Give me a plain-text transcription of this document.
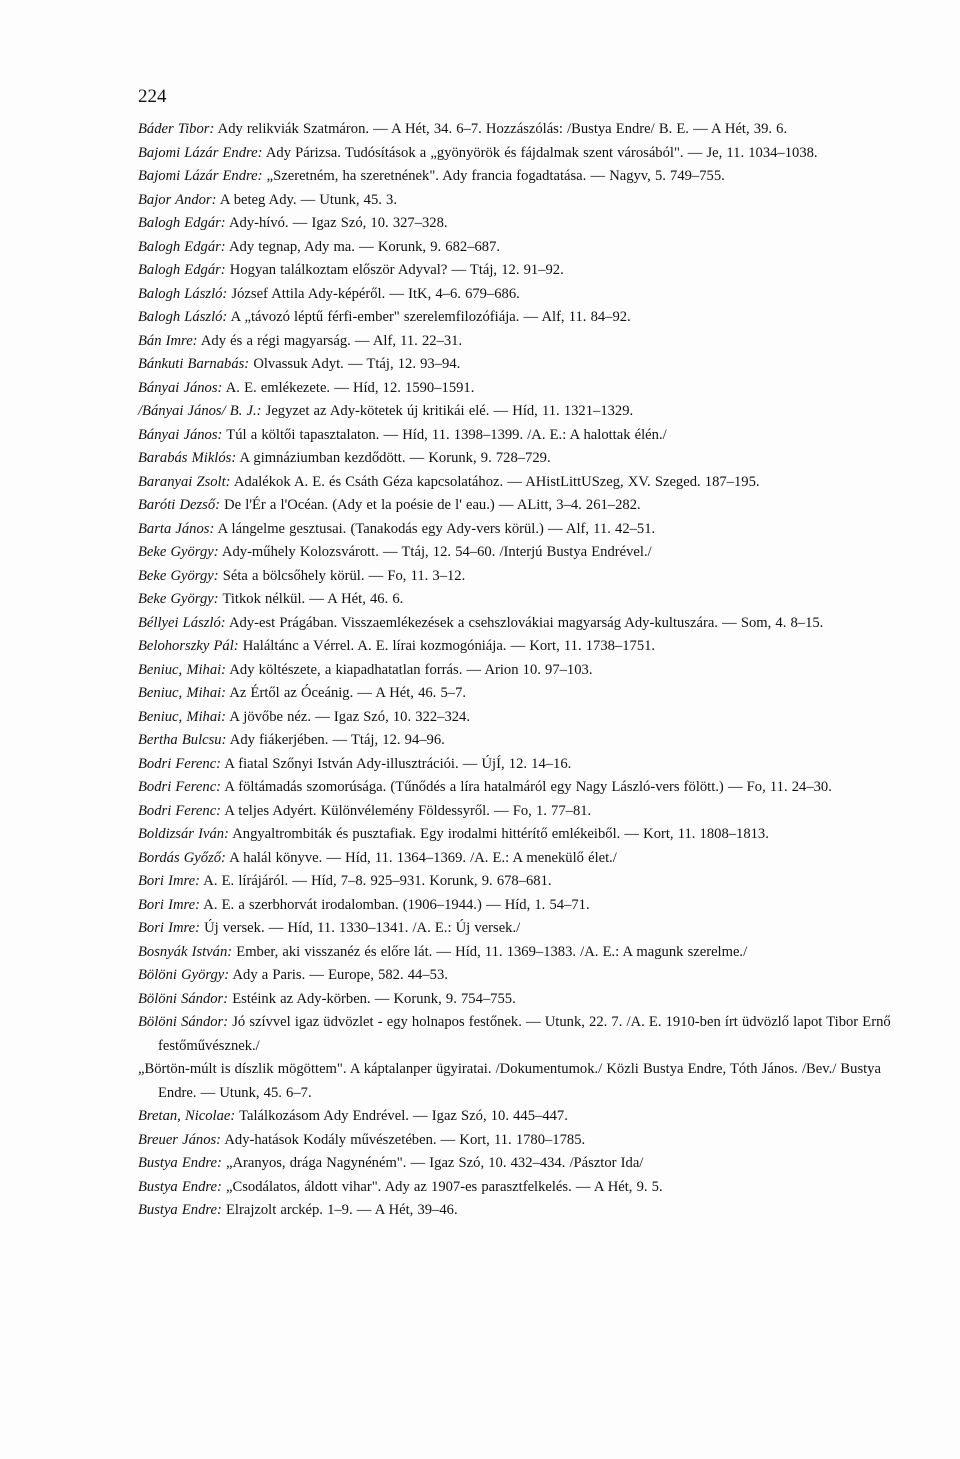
224

Báder Tibor: Ady relikviák Szatmáron. — A Hét, 34. 6–7. Hozzászólás: /Bustya Endre/ B. E. — A Hét, 39. 6.

Bajomi Lázár Endre: Ady Párizsa. Tudósítások a „gyönyörök és fájdalmak szent városából". — Je, 11. 1034–1038.

Bajomi Lázár Endre: „Szeretném, ha szeretnének". Ady francia fogadtatása. — Nagyv, 5. 749–755.

Bajor Andor: A beteg Ady. — Utunk, 45. 3.

Balogh Edgár: Ady-hívó. — Igaz Szó, 10. 327–328.

Balogh Edgár: Ady tegnap, Ady ma. — Korunk, 9. 682–687.

Balogh Edgár: Hogyan találkoztam először Adyval? — Ttáj, 12. 91–92.

Balogh László: József Attila Ady-képéről. — ItK, 4–6. 679–686.

Balogh László: A „távozó léptű férfi-ember" szerelemfilozófiája. — Alf, 11. 84–92.

Bán Imre: Ady és a régi magyarság. — Alf, 11. 22–31.

Bánkuti Barnabás: Olvassuk Adyt. — Ttáj, 12. 93–94.

Bányai János: A. E. emlékezete. — Híd, 12. 1590–1591.

/Bányai János/ B. J.: Jegyzet az Ady-kötetek új kritikái elé. — Híd, 11. 1321–1329.

Bányai János: Túl a költői tapasztalaton. — Híd, 11. 1398–1399. /A. E.: A halottak élén./

Barabás Miklós: A gimnáziumban kezdődött. — Korunk, 9. 728–729.

Baranyai Zsolt: Adalékok A. E. és Csáth Géza kapcsolatához. — AHistLittUSzeg, XV. Szeged. 187–195.

Baróti Dezső: De l'Ér a l'Océan. (Ady et la poésie de l' eau.) — ALitt, 3–4. 261–282.

Barta János: A lángelme gesztusai. (Tanakodás egy Ady-vers körül.) — Alf, 11. 42–51.

Beke György: Ady-műhely Kolozsvárott. — Ttáj, 12. 54–60. /Interjú Bustya Endrével./

Beke György: Séta a bölcsőhely körül. — Fo, 11. 3–12.

Beke György: Titkok nélkül. — A Hét, 46. 6.

Béllyei László: Ady-est Prágában. Visszaemlékezések a csehszlovákiai magyarság Ady-kultuszára. — Som, 4. 8–15.

Belohorszky Pál: Haláltánc a Vérrel. A. E. lírai kozmogóniája. — Kort, 11. 1738–1751.

Beniuc, Mihai: Ady költészete, a kiapadhatatlan forrás. — Arion 10. 97–103.

Beniuc, Mihai: Az Értől az Óceánig. — A Hét, 46. 5–7.

Beniuc, Mihai: A jövőbe néz. — Igaz Szó, 10. 322–324.

Bertha Bulcsu: Ady fiákerjében. — Ttáj, 12. 94–96.

Bodri Ferenc: A fiatal Szőnyi István Ady-illusztrációi. — ÚjÍ, 12. 14–16.

Bodri Ferenc: A föltámadás szomorúsága. (Tűnődés a líra hatalmáról egy Nagy László-vers fölött.) — Fo, 11. 24–30.

Bodri Ferenc: A teljes Adyért. Különvélemény Földessyről. — Fo, 1. 77–81.

Boldizsár Iván: Angyaltrombiták és pusztafiak. Egy irodalmi hittérítő emlékeiből. — Kort, 11. 1808–1813.

Bordás Győző: A halál könyve. — Híd, 11. 1364–1369. /A. E.: A menekülő élet./

Bori Imre: A. E. lírájáról. — Híd, 7–8. 925–931. Korunk, 9. 678–681.

Bori Imre: A. E. a szerbhorvát irodalomban. (1906–1944.) — Híd, 1. 54–71.

Bori Imre: Új versek. — Híd, 11. 1330–1341. /A. E.: Új versek./

Bosnyák István: Ember, aki visszanéz és előre lát. — Híd, 11. 1369–1383. /A. E.: A magunk szerelme./

Bölöni György: Ady a Paris. — Europe, 582. 44–53.

Bölöni Sándor: Estéink az Ady-körben. — Korunk, 9. 754–755.

Bölöni Sándor: Jó szívvel igaz üdvözlet - egy holnapos festőnek. — Utunk, 22. 7. /A. E. 1910-ben írt üdvözlő lapot Tibor Ernő festőművésznek./

„Börtön-múlt is díszlik mögöttem". A káptalanper ügyiratai. /Dokumentumok./ Közli Bustya Endre, Tóth János. /Bev./ Bustya Endre. — Utunk, 45. 6–7.

Bretan, Nicolae: Találkozásom Ady Endrével. — Igaz Szó, 10. 445–447.

Breuer János: Ady-hatások Kodály művészetében. — Kort, 11. 1780–1785.

Bustya Endre: „Aranyos, drága Nagynéném". — Igaz Szó, 10. 432–434. /Pásztor Ida/

Bustya Endre: „Csodálatos, áldott vihar". Ady az 1907-es parasztfelkelés. — A Hét, 9. 5.

Bustya Endre: Elrajzolt arckép. 1–9. — A Hét, 39–46.
